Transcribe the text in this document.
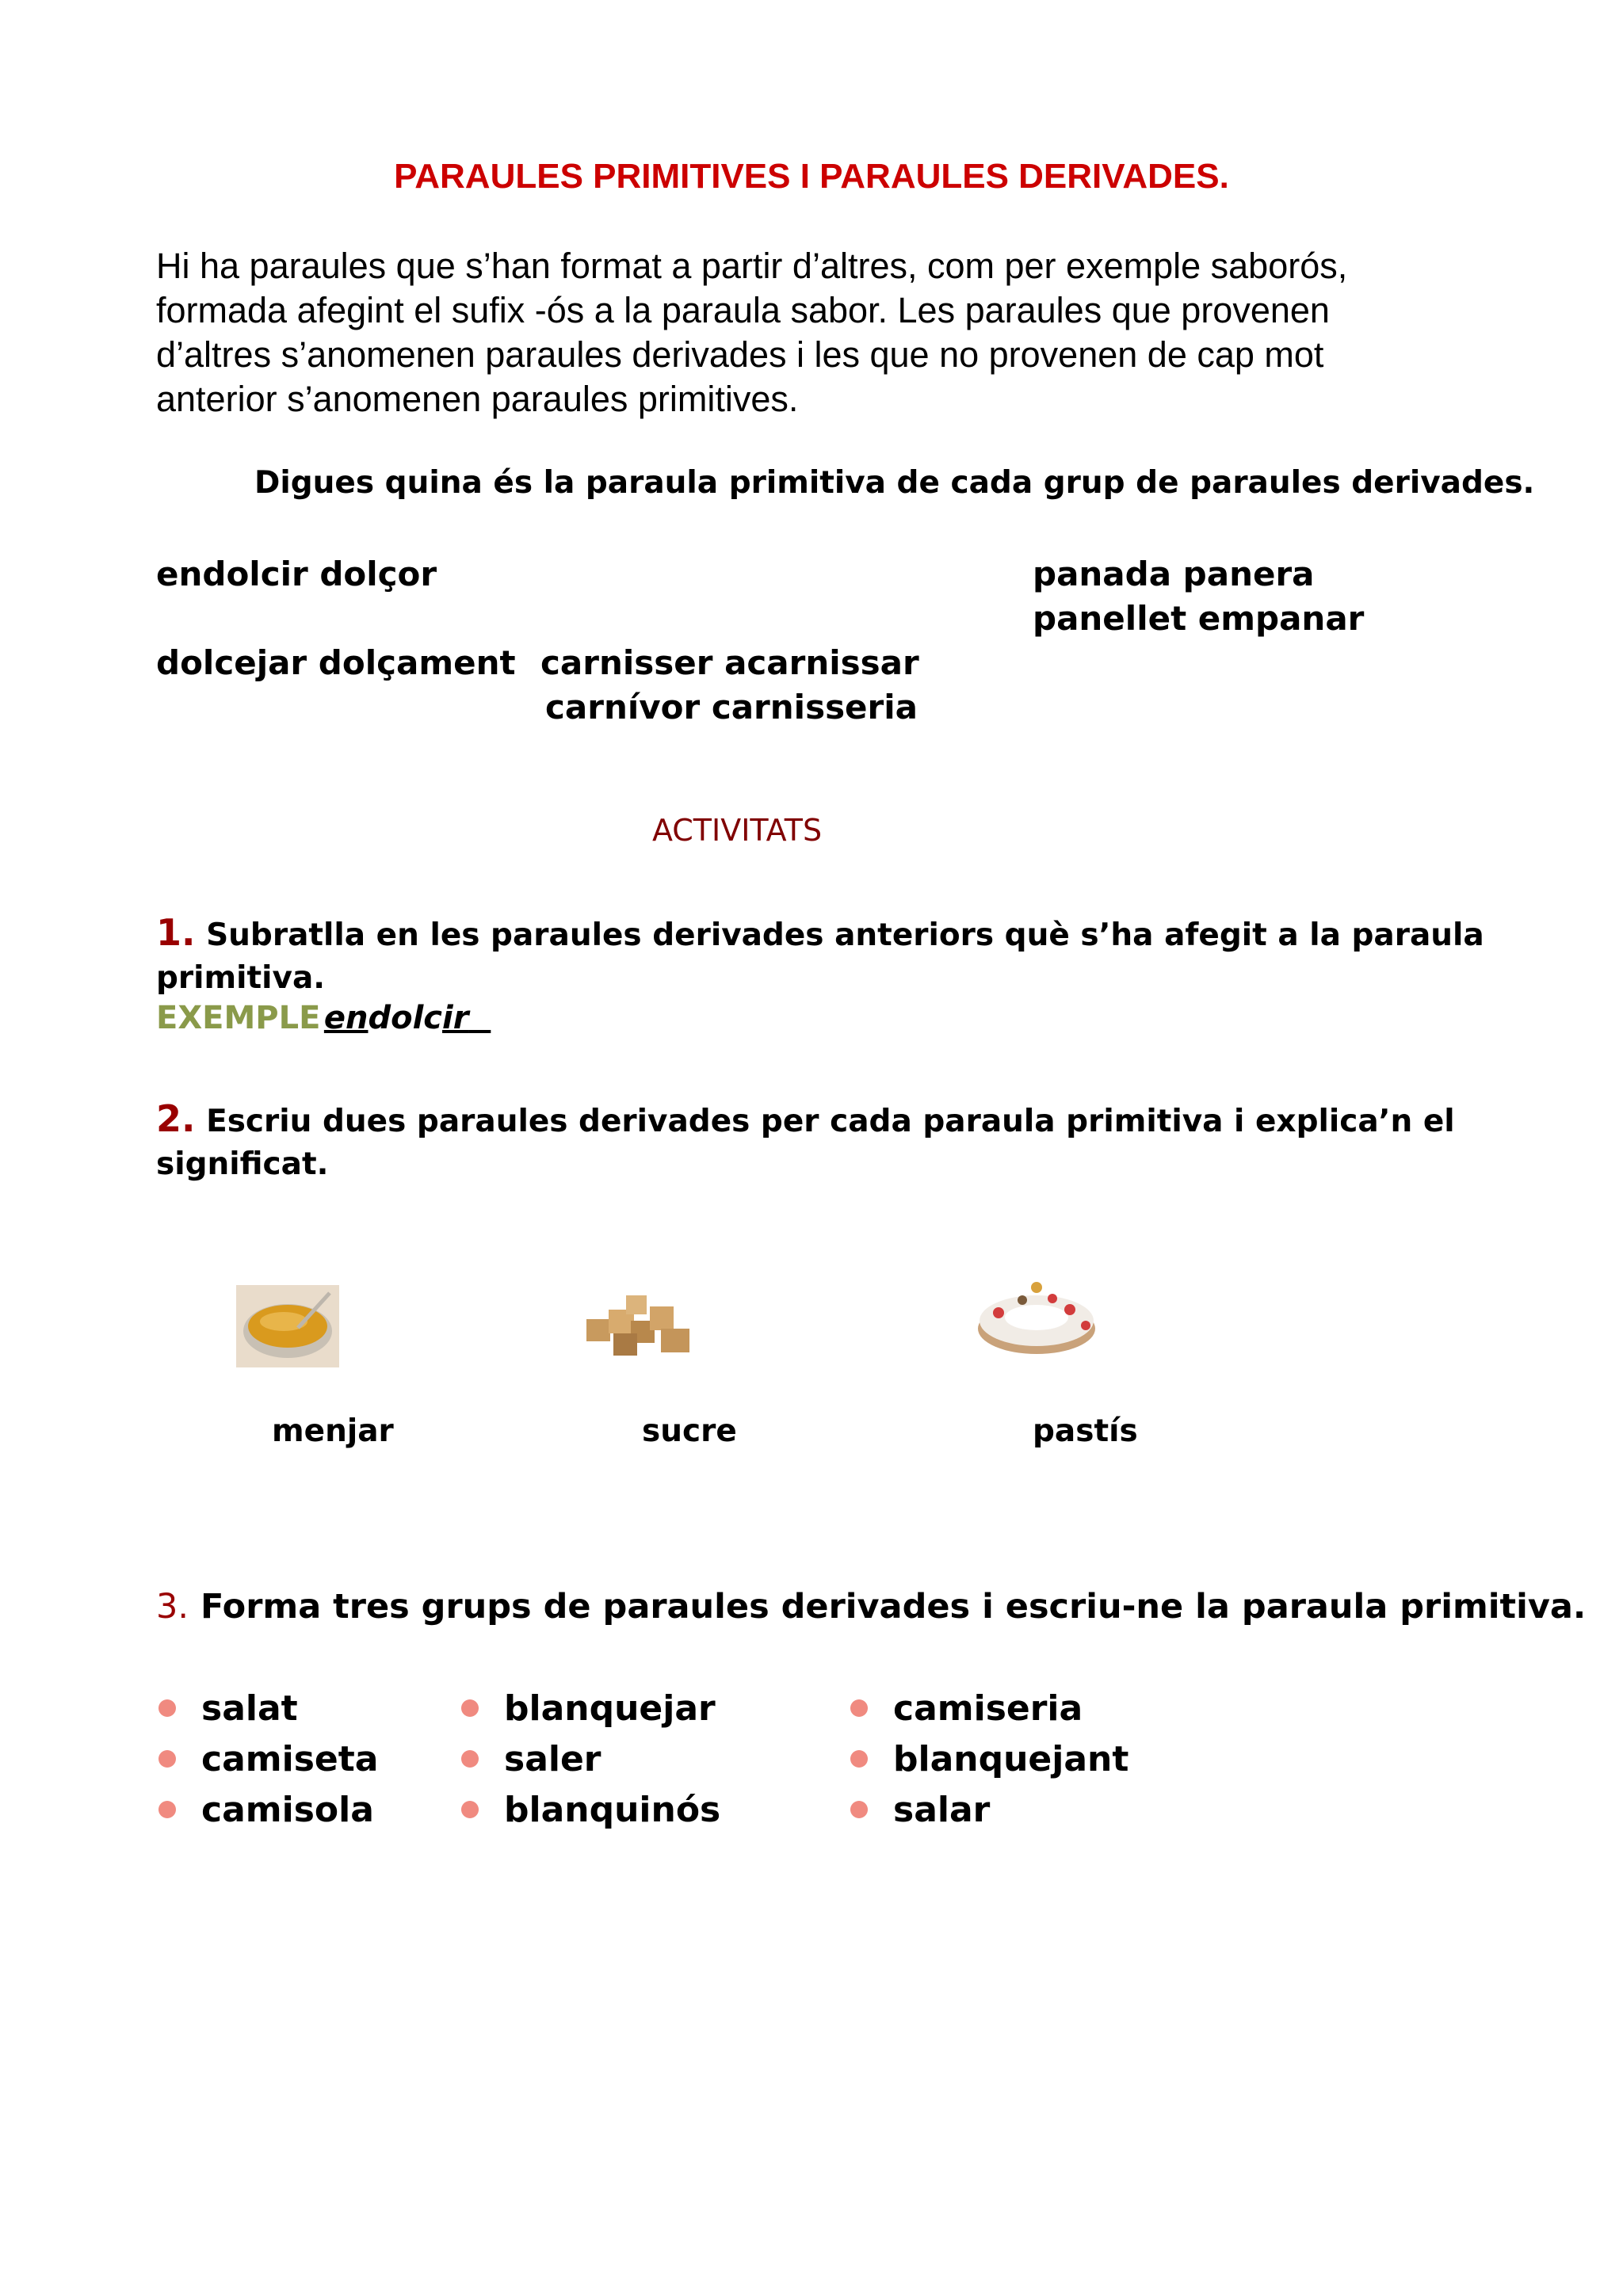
PARAULES PRIMITIVES I PARAULES DERIVADES.
Hi ha paraules que s’han format a partir d’altres, com per exemple saborós,
formada afegint el sufix -ós a la paraula sabor. Les paraules que provenen
d’altres s’anomenen paraules derivades i les que no provenen de cap mot
anterior s’anomenen paraules primitives.
Digues quina és la paraula primitiva de cada grup de paraules derivades.
endolcir dolçor
dolcejar dolçament carnisser acarnissar
carnívor carnisseria
panada panera
panellet empanar
ACTIVITATS
1. Subratlla en les paraules derivades anteriors què s’ha afegit a la paraula
primitiva.
EXEMPLE endolcir
2. Escriu dues paraules derivades per cada paraula primitiva i explica’n el
significat.
menjar	sucre	pastís
3. Forma tres grups de paraules derivades i escriu-ne la paraula primitiva.
salat
camiseta
camisola
blanquejar
saler
blanquinós
camiseria
blanquejant
salar
